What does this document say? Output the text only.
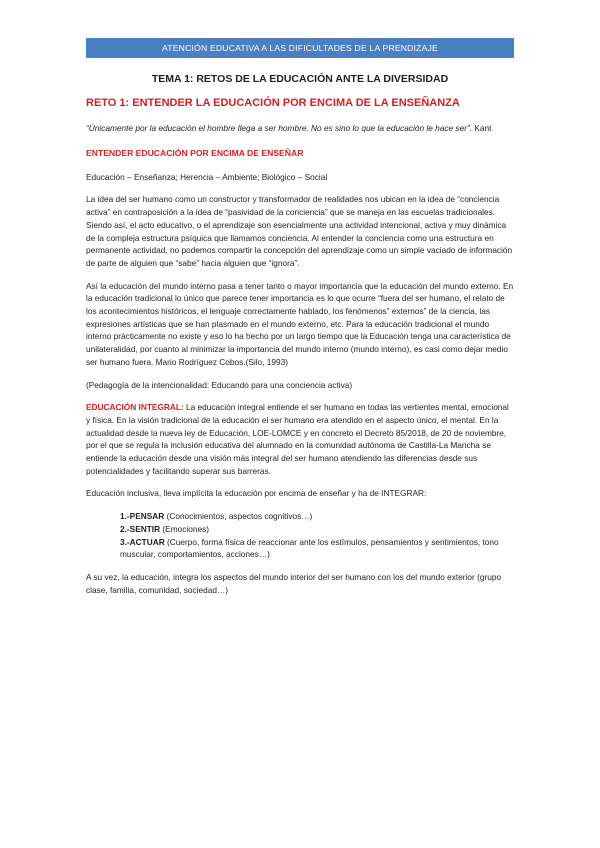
ATENCIÓN EDUCATIVA A LAS DIFICULTADES DE LA PRENDIZAJE
TEMA 1: RETOS DE LA EDUCACIÓN ANTE LA DIVERSIDAD
RETO 1: ENTENDER LA EDUCACIÓN POR ENCIMA DE LA ENSEÑANZA
“Únicamente por la educación el hombre llega a ser hombre. No es sino lo que la educación le hace ser”. Kant
ENTENDER EDUCACIÓN POR ENCIMA DE ENSEÑAR

Educación – Enseñanza; Herencia – Ambiente; Biológico – Social

La idea del ser humano como un constructor y transformador de realidades nos ubican en la idea de “conciencia activa” en contraposición a la idea de “pasividad de la conciencia” que se maneja en las escuelas tradicionales. Siendo así, el acto educativo, o el aprendizaje son esencialmente una actividad intencional, activa y muy dinámica de la compleja estructura psíquica que llamamos conciencia. Al entender la conciencia como una estructura en permanente actividad, no podemos compartir la concepción del aprendizaje como un simple vaciado de información de parte de alguien que “sabe” hacia alguien que “ignora”.

Así la educación del mundo interno pasa a tener tanto o mayor importancia que la educación del mundo externo. En la educación tradicional lo único que parece tener importancia es lo que ocurre “fuera del ser humano, el relato de los acontecimientos históricos, el lenguaje correctamente hablado, los fenómenos” externos” de la ciencia, las expresiones artísticas que se han plasmado en el mundo externo, etc. Para la educación tradicional el mundo interno prácticamente no existe y eso lo ha hecho por un largo tiempo que la Educación tenga una característica de unilateralidad, por cuanto al minimizar la importancia del mundo interno (mundo interno), es casi como dejar medio ser humano fuera. Mario Rodríguez Cobos.(Silo, 1993)

(Pedagogía de la intencionalidad: Educando para una conciencia activa)

EDUCACIÓN INTEGRAL: La educación integral entiende el ser humano en todas las vertientes mental, emocional y física. En la visión tradicional de la educación el ser humano era atendido en el aspecto único, el mental. En la actualidad desde la nueva ley de Educación, LOE-LOMCE y en concreto el Decreto 85/2018, de 20 de noviembre, por el que se regula la inclusión educativa del alumnado en la comunidad autónoma de Castilla-La Mancha se entiende la educación desde una visión más integral del ser humano atendiendo las diferencias desde sus potencialidades y facilitando superar sus barreras.

Educación inclusiva, lleva implícita la educación por encima de enseñar y ha de INTEGRAR:

1.-PENSAR (Conocimientos, aspectos cognitivos…)
2.-SENTIR (Emociones)
3.-ACTUAR (Cuerpo, forma física de reaccionar ante los estímulos, pensamientos y sentimientos, tono muscular, comportamientos, acciones…)

A su vez, la educación, integra los aspectos del mundo interior del ser humano con los del mundo exterior (grupo clase, familia, comunidad, sociedad…)
